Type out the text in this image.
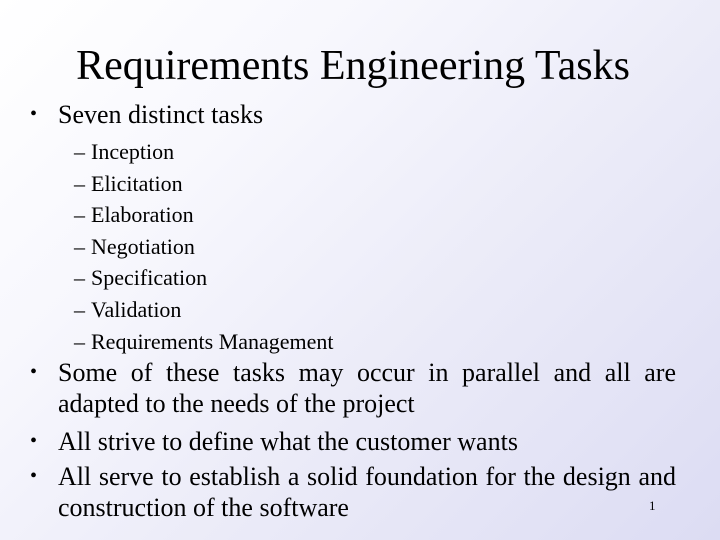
Requirements Engineering Tasks
• Seven distinct tasks
– Inception
– Elicitation
– Elaboration
– Negotiation
– Specification
– Validation
– Requirements Management
• Some of these tasks may occur in parallel and all are adapted to the needs of the project
• All strive to define what the customer wants
• All serve to establish a solid foundation for the design and construction of the software	1
